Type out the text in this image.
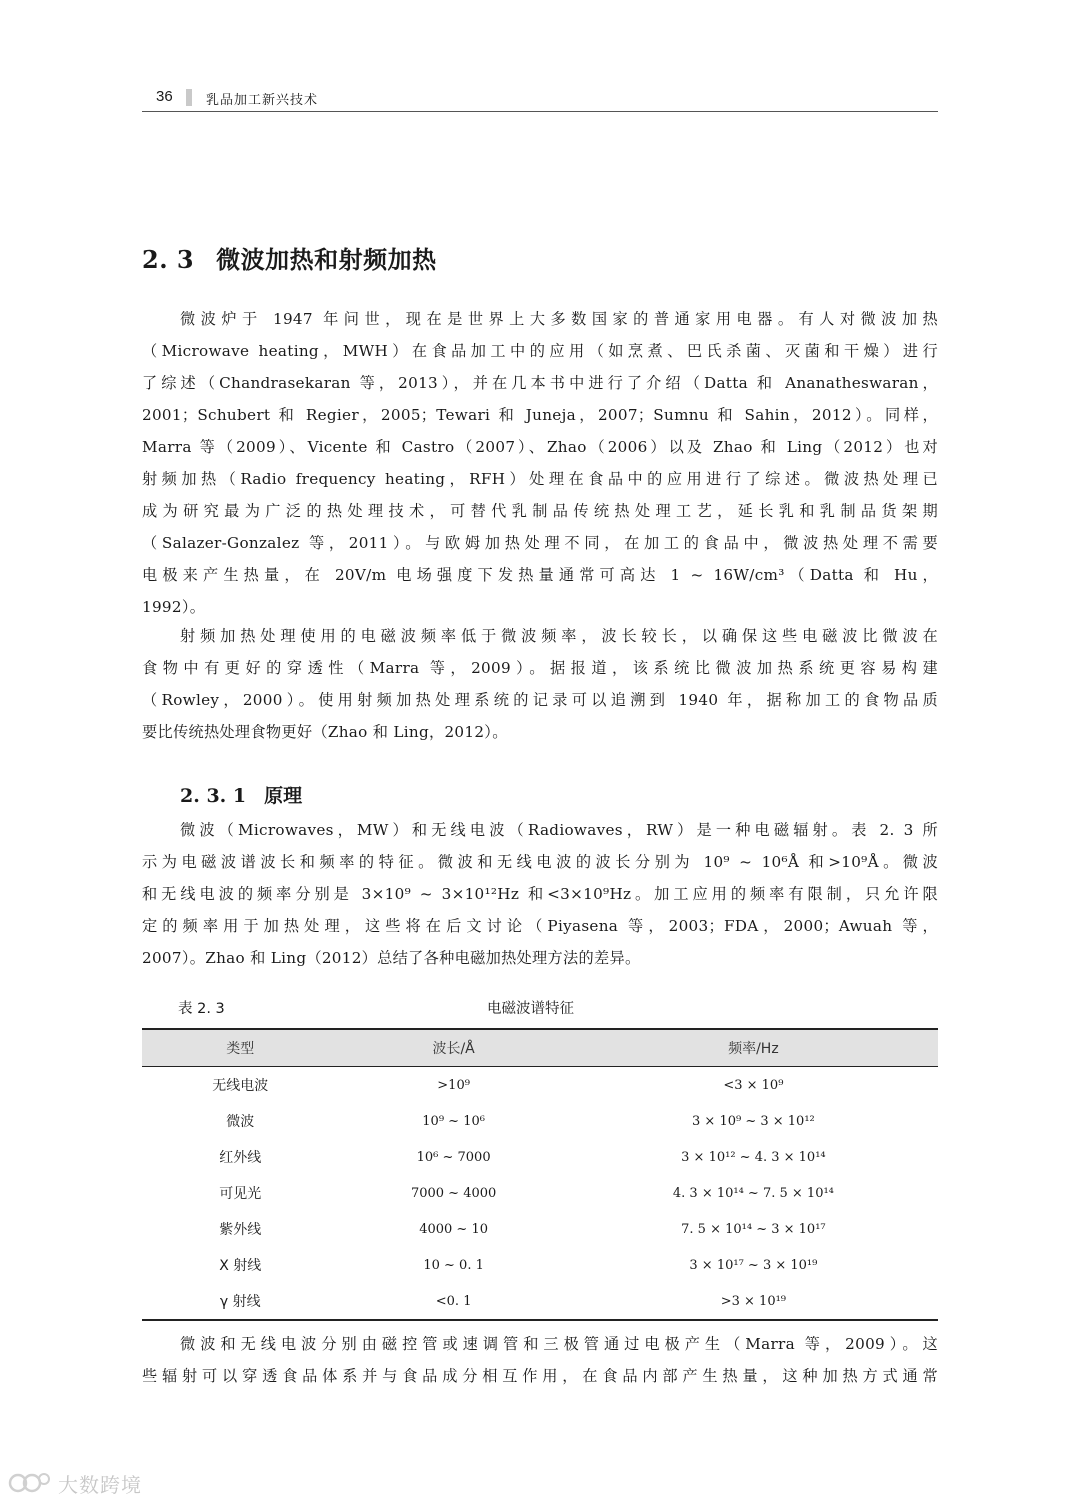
36	乳品加工新兴技术
2. 3 微波加热和射频加热
微波炉于 1947 年问世，现在是世界上大多数国家的普通家用电器。有人对微波加热
（Microwave heating，MWH）在食品加工中的应用（如烹煮、巴氏杀菌、灭菌和干燥）进行
了综述（Chandrasekaran 等，2013），并在几本书中进行了介绍（Datta 和 Ananatheswaran，
2001；Schubert 和 Regier，2005；Tewari 和 Juneja，2007；Sumnu 和 Sahin，2012）。同样，
Marra 等（2009）、Vicente 和 Castro（2007）、Zhao（2006）以及 Zhao 和 Ling（2012）也对
射频加热（Radio frequency heating，RFH）处理在食品中的应用进行了综述。微波热处理已
成为研究最为广泛的热处理技术，可替代乳制品传统热处理工艺，延长乳和乳制品货架期
（Salazer-Gonzalez 等，2011）。与欧姆加热处理不同，在加工的食品中，微波热处理不需要
电极来产生热量，在 20V/m 电场强度下发热量通常可高达 1 ~ 16W/cm³（Datta 和 Hu，
1992）。
射频加热处理使用的电磁波频率低于微波频率，波长较长，以确保这些电磁波比微波在
食物中有更好的穿透性（Marra 等，2009）。据报道，该系统比微波加热系统更容易构建
（Rowley，2000）。使用射频加热处理系统的记录可以追溯到 1940 年，据称加工的食物品质
要比传统热处理食物更好（Zhao 和 Ling，2012）。
2. 3. 1 原理
微波（Microwaves，MW）和无线电波（Radiowaves，RW）是一种电磁辐射。表 2. 3 所
示为电磁波谱波长和频率的特征。微波和无线电波的波长分别为 10⁹ ~ 10⁶Å 和>10⁹Å。微波
和无线电波的频率分别是 3×10⁹ ~ 3×10¹²Hz 和<3×10⁹Hz。加工应用的频率有限制，只允许限
定的频率用于加热处理，这些将在后文讨论（Piyasena 等，2003；FDA，2000；Awuah 等，
2007）。Zhao 和 Ling（2012）总结了各种电磁加热处理方法的差异。
表 2. 3	电磁波谱特征
类型	波长/Å	频率/Hz
无线电波	>10⁹	<3 × 10⁹
微波	10⁹ ~ 10⁶	3 × 10⁹ ~ 3 × 10¹²
红外线	10⁶ ~ 7000	3 × 10¹² ~ 4. 3 × 10¹⁴
可见光	7000 ~ 4000	4. 3 × 10¹⁴ ~ 7. 5 × 10¹⁴
紫外线	4000 ~ 10	7. 5 × 10¹⁴ ~ 3 × 10¹⁷
X 射线	10 ~ 0. 1	3 × 10¹⁷ ~ 3 × 10¹⁹
γ 射线	<0. 1	>3 × 10¹⁹
微波和无线电波分别由磁控管或速调管和三极管通过电极产生（Marra 等，2009）。这
些辐射可以穿透食品体系并与食品成分相互作用，在食品内部产生热量，这种加热方式通常
大数跨境
